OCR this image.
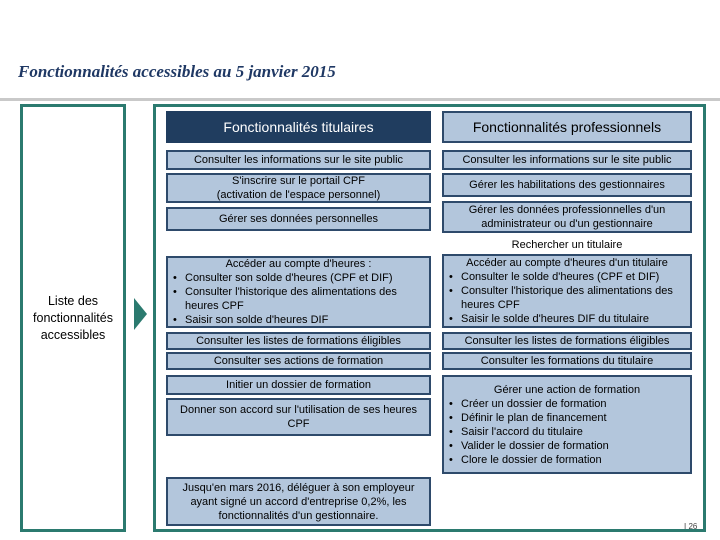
Fonctionnalités accessibles au 5 janvier 2015
Liste des fonctionnalités accessibles
Fonctionnalités titulaires	Fonctionnalités professionnels
Consulter les informations sur le site public
S'inscrire sur le portail CPF
(activation de l'espace personnel)
Gérer ses données personnelles
Accéder au compte d'heures :
• Consulter son solde d'heures (CPF et DIF)
• Consulter l'historique des alimentations des heures CPF
• Saisir son solde d'heures DIF
Consulter les listes de formations éligibles
Consulter ses actions de formation
Initier un dossier de formation
Donner son accord sur l'utilisation de ses heures CPF
Jusqu'en mars 2016, déléguer à son employeur ayant signé un accord d'entreprise 0,2%, les fonctionnalités d'un gestionnaire.
Consulter les informations sur le site public
Gérer les habilitations des gestionnaires
Gérer les données professionnelles d'un administrateur ou d'un gestionnaire
Rechercher un titulaire
Accéder au compte d'heures d'un titulaire
• Consulter le solde d'heures (CPF et DIF)
• Consulter l'historique des alimentations des heures CPF
• Saisir le solde d'heures DIF du titulaire
Consulter les listes de formations éligibles
Consulter les formations du titulaire
Gérer une action de formation
• Créer un dossier de formation
• Définir le plan de financement
• Saisir l'accord du titulaire
• Valider le dossier de formation
• Clore le dossier de formation
I 26
